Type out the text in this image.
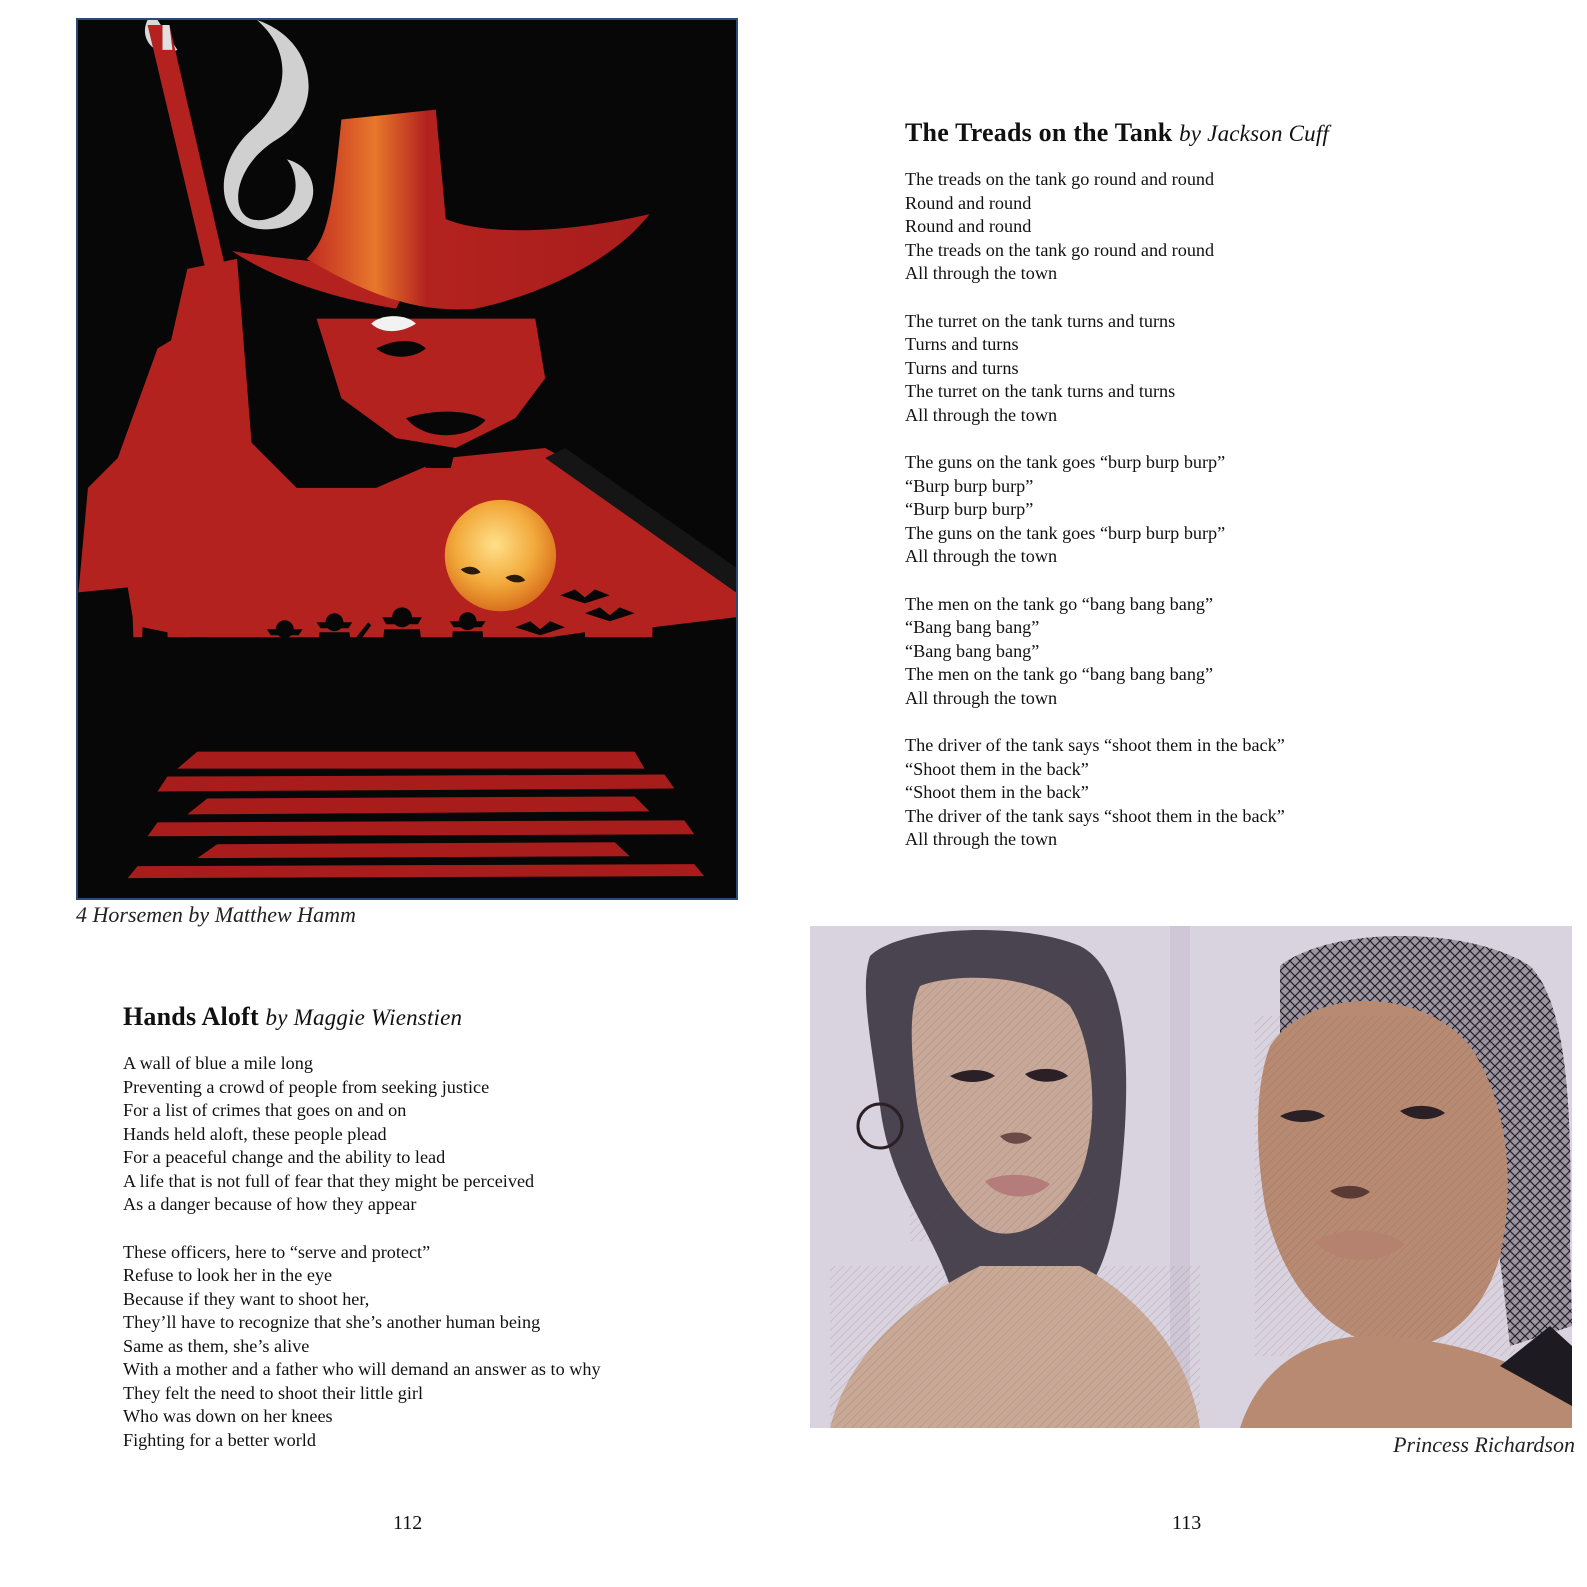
4 Horsemen by Matthew Hamm
Hands Aloft by Maggie Wienstien
A wall of blue a mile long
Preventing a crowd of people from seeking justice
For a list of crimes that goes on and on
Hands held aloft, these people plead
For a peaceful change and the ability to lead
A life that is not full of fear that they might be perceived
As a danger because of how they appear
These officers, here to “serve and protect”
Refuse to look her in the eye
Because if they want to shoot her,
They’ll have to recognize that she’s another human being
Same as them, she’s alive
With a mother and a father who will demand an answer as to why
They felt the need to shoot their little girl
Who was down on her knees
Fighting for a better world
112
The Treads on the Tank by Jackson Cuff
The treads on the tank go round and round
Round and round
Round and round
The treads on the tank go round and round
All through the town
The turret on the tank turns and turns
Turns and turns
Turns and turns
The turret on the tank turns and turns
All through the town
The guns on the tank goes “burp burp burp”
“Burp burp burp”
“Burp burp burp”
The guns on the tank goes “burp burp burp”
All through the town
The men on the tank go “bang bang bang”
“Bang bang bang”
“Bang bang bang”
The men on the tank go “bang bang bang”
All through the town
The driver of the tank says “shoot them in the back”
“Shoot them in the back”
“Shoot them in the back”
The driver of the tank says “shoot them in the back”
All through the town
Princess Richardson
113
